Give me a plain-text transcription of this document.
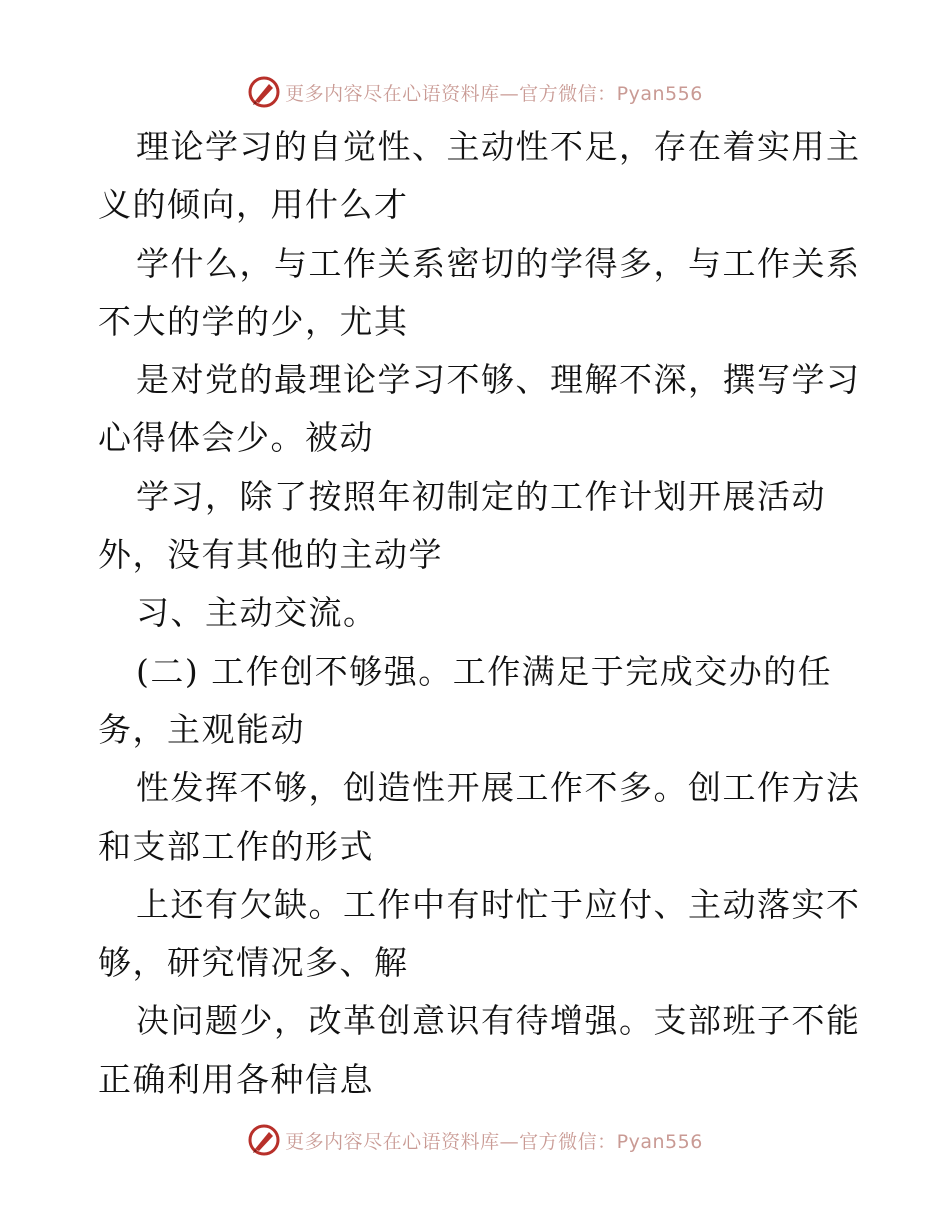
更多内容尽在心语资料库—官方微信：Pyan556
理论学习的自觉性、主动性不足，存在着实用主
义的倾向，用什么才
学什么，与工作关系密切的学得多，与工作关系
不大的学的少，尤其
是对党的最理论学习不够、理解不深，撰写学习
心得体会少。被动
学习，除了按照年初制定的工作计划开展活动
外，没有其他的主动学
习、主动交流。
(二) 工作创不够强。工作满足于完成交办的任
务，主观能动
性发挥不够，创造性开展工作不多。创工作方法
和支部工作的形式
上还有欠缺。工作中有时忙于应付、主动落实不
够，研究情况多、解
决问题少，改革创意识有待增强。支部班子不能
正确利用各种信息
更多内容尽在心语资料库—官方微信：Pyan556
